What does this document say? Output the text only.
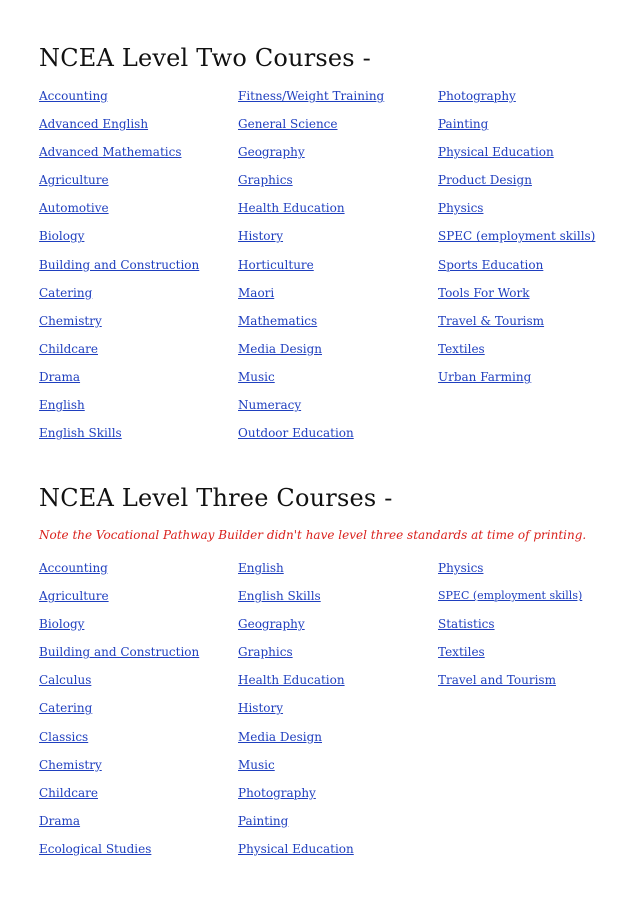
NCEA Level Two Courses -
Accounting
Advanced English
Advanced Mathematics
Agriculture
Automotive
Biology
Building and Construction
Catering
Chemistry
Childcare
Drama
English
English Skills
Fitness/Weight Training
General Science
Geography
Graphics
Health Education
History
Horticulture
Maori
Mathematics
Media Design
Music
Numeracy
Outdoor Education
Photography
Painting
Physical Education
Product Design
Physics
SPEC (employment skills)
Sports Education
Tools For Work
Travel & Tourism
Textiles
Urban Farming
NCEA Level Three Courses -
Note the Vocational Pathway Builder didn't have level three standards at time of printing.
Accounting
Agriculture
Biology
Building and Construction
Calculus
Catering
Classics
Chemistry
Childcare
Drama
Ecological Studies
English
English Skills
Geography
Graphics
Health Education
History
Media Design
Music
Photography
Painting
Physical Education
Physics
SPEC (employment skills)
Statistics
Textiles
Travel and Tourism
